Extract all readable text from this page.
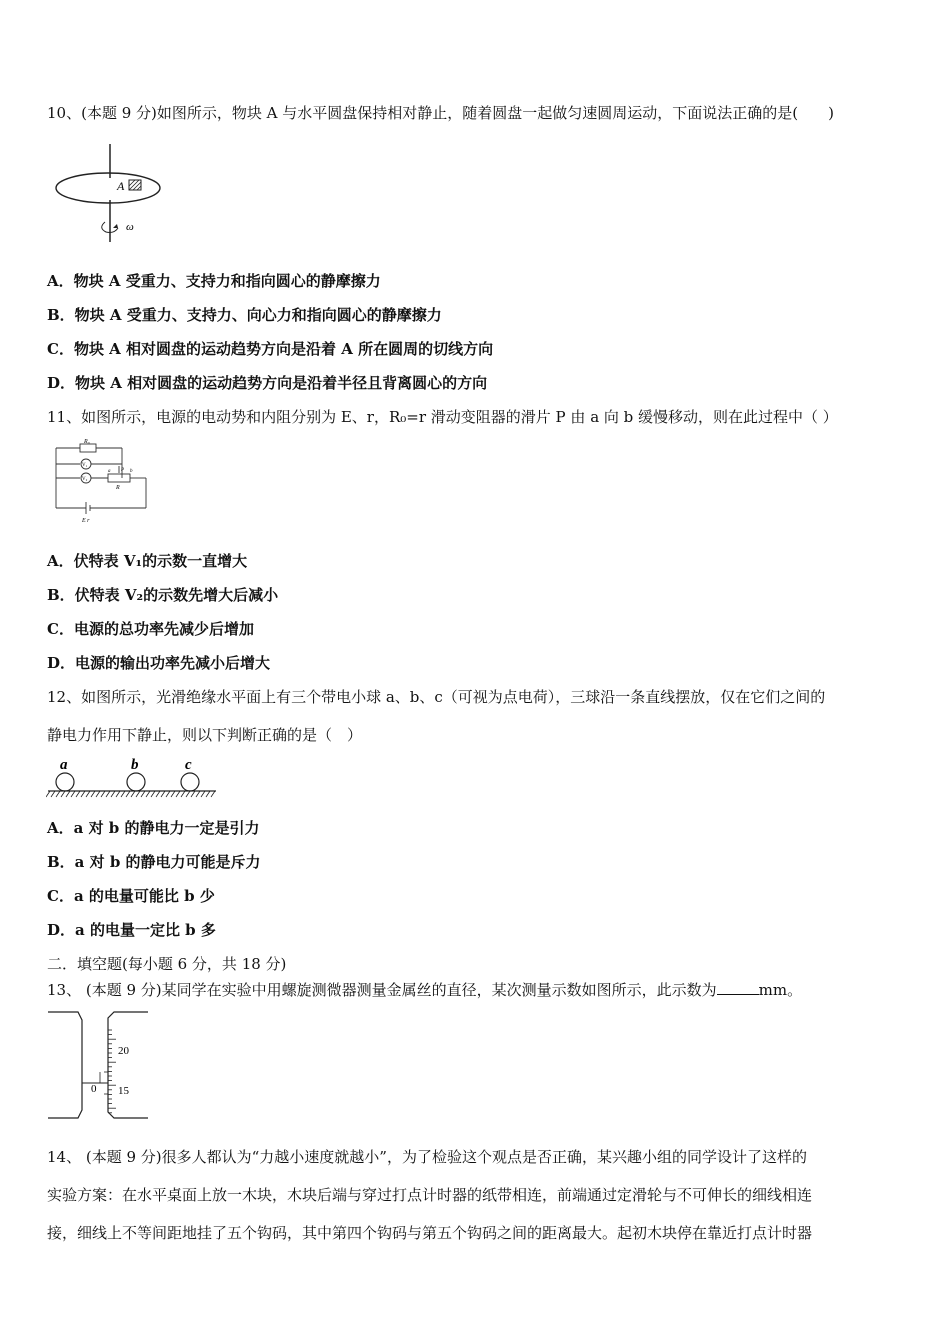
10、(本题 9 分)如图所示，物块 A 与水平圆盘保持相对静止，随着圆盘一起做匀速圆周运动，下面说法正确的是(　　)
A
ω
A．物块 A 受重力、支持力和指向圆心的静摩擦力
B．物块 A 受重力、支持力、向心力和指向圆心的静摩擦力
C．物块 A 相对圆盘的运动趋势方向是沿着 A 所在圆周的切线方向
D．物块 A 相对圆盘的运动趋势方向是沿着半径且背离圆心的方向
11、如图所示，电源的电动势和内阻分别为 E、r，R₀=r 滑动变阻器的滑片 P 由 a 向 b 缓慢移动，则在此过程中（ ）
R₀
V₁
V₂
P
a	b
R
E r
A．伏特表 V₁的示数一直增大
B．伏特表 V₂的示数先增大后减小
C．电源的总功率先减少后增加
D．电源的输出功率先减小后增大
12、如图所示，光滑绝缘水平面上有三个带电小球 a、b、c（可视为点电荷），三球沿一条直线摆放，仅在它们之间的
静电力作用下静止，则以下判断正确的是（　）
a	b	c
A．a 对 b 的静电力一定是引力
B．a 对 b 的静电力可能是斥力
C．a 的电量可能比 b 少
D．a 的电量一定比 b 多
二．填空题(每小题 6 分，共 18 分)
13、 (本题 9 分)某同学在实验中用螺旋测微器测量金属丝的直径，某次测量示数如图所示，此示数为	mm。
20
15
0
14、 (本题 9 分)很多人都认为“力越小速度就越小”，为了检验这个观点是否正确，某兴趣小组的同学设计了这样的
实验方案：在水平桌面上放一木块，木块后端与穿过打点计时器的纸带相连，前端通过定滑轮与不可伸长的细线相连
接，细线上不等间距地挂了五个钩码，其中第四个钩码与第五个钩码之间的距离最大。起初木块停在靠近打点计时器
